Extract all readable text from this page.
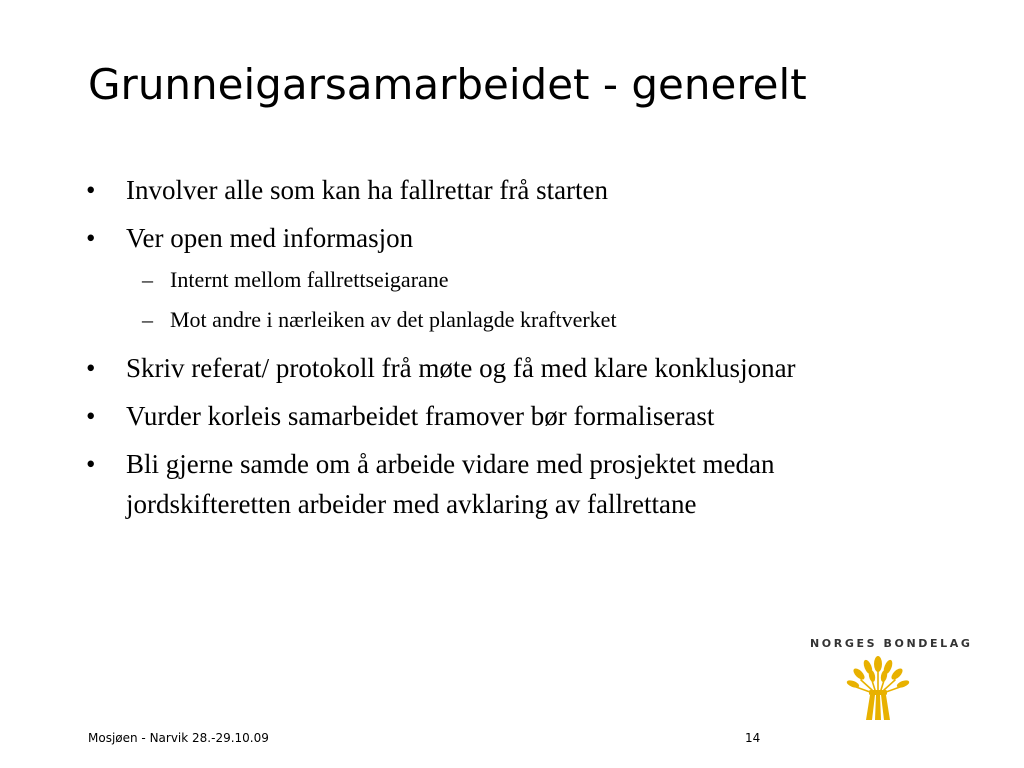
Grunneigarsamarbeidet - generelt
• Involver alle som kan ha fallrettar frå starten
• Ver open med informasjon
– Internt mellom fallrettseigarane
– Mot andre i nærleiken av det planlagde kraftverket
• Skriv referat/ protokoll frå møte og få med klare konklusjonar
• Vurder korleis samarbeidet framover bør formaliserast
• Bli gjerne samde om å arbeide vidare med prosjektet medan jordskifteretten arbeider med avklaring av fallrettane
NORGES BONDELAG
Mosjøen - Narvik 28.-29.10.09	14
